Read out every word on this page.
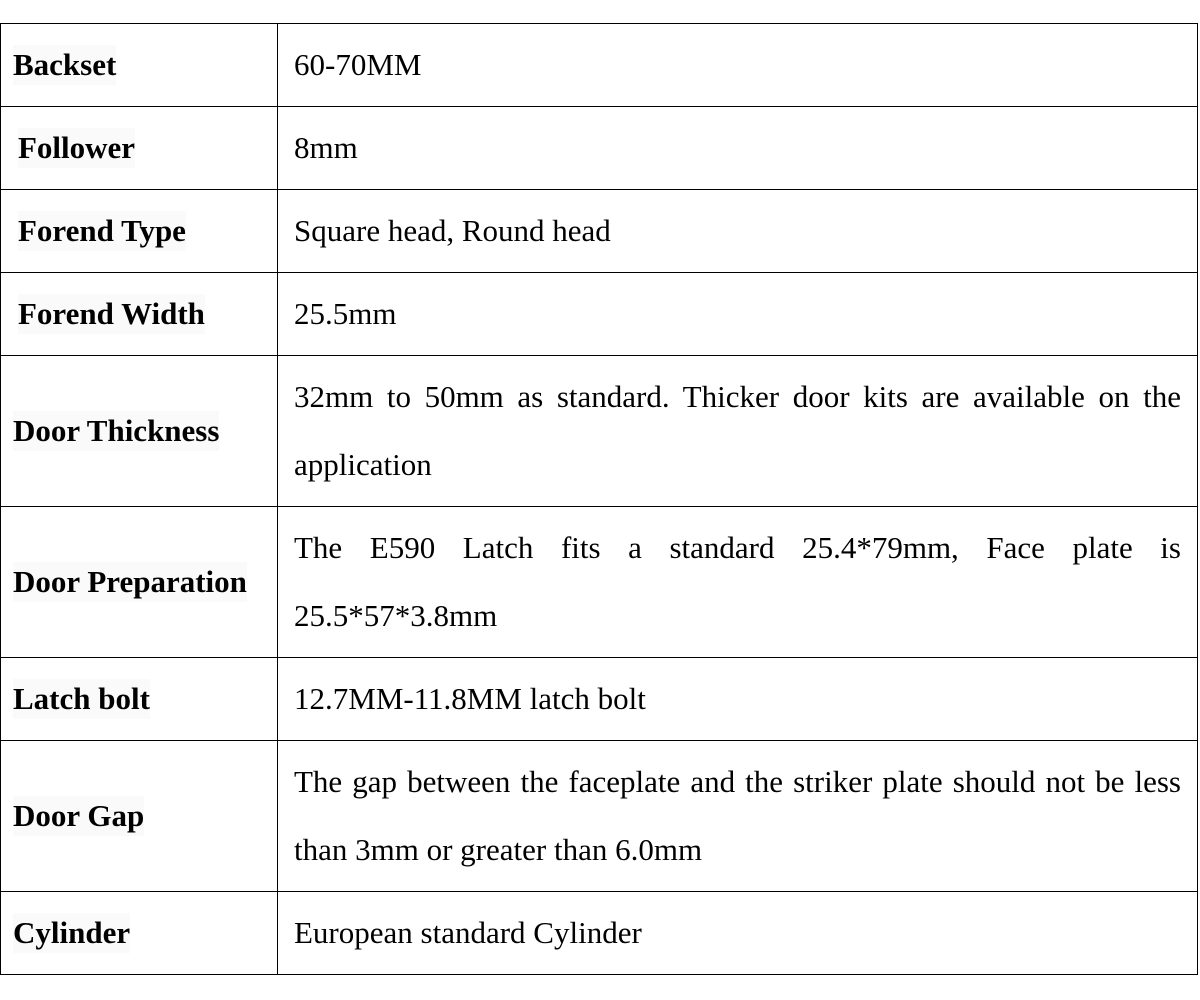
Backset	60-70MM
Follower	8mm
Forend Type	Square head, Round head
Forend Width	25.5mm
Door Thickness	32mm to 50mm as standard. Thicker door kits are available on the application
Door Preparation	The E590 Latch fits a standard 25.4*79mm, Face plate is 25.5*57*3.8mm
Latch bolt	12.7MM-11.8MM latch bolt
Door Gap	The gap between the faceplate and the striker plate should not be less than 3mm or greater than 6.0mm
Cylinder	European standard Cylinder
